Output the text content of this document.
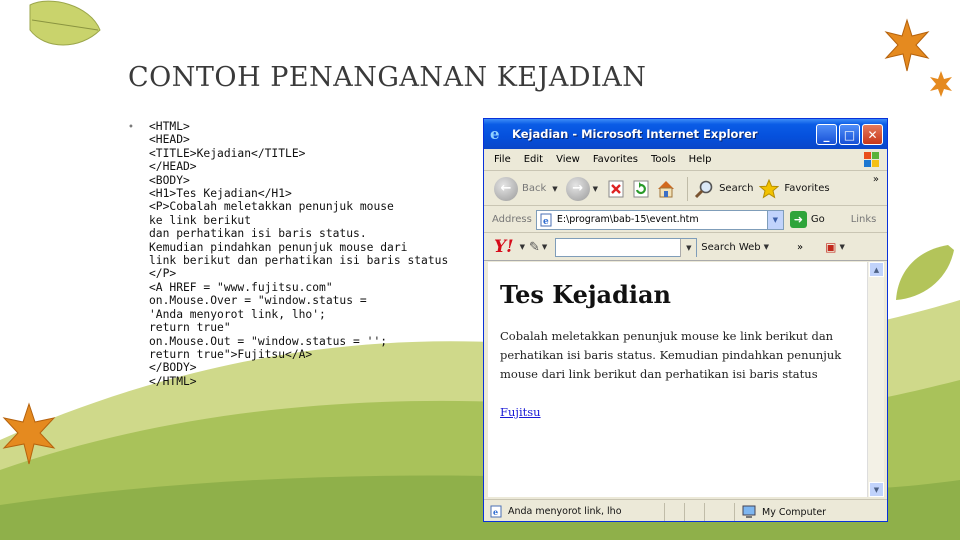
CONTOH PENANGANAN KEJADIAN
• <HTML>
<HEAD>
<TITLE>Kejadian</TITLE>
</HEAD>
<BODY>
<H1>Tes Kejadian</H1>
<P>Cobalah meletakkan penunjuk mouse
ke link berikut
dan perhatikan isi baris status.
Kemudian pindahkan penunjuk mouse dari
link berikut dan perhatikan isi baris status
</P>
<A HREF = "www.fujitsu.com"
on.Mouse.Over = "window.status =
'Anda menyorot link, lho';
return true"
on.Mouse.Out = "window.status = '';
return true">Fujitsu</A>
</BODY>
</HTML>
e	Kejadian - Microsoft Internet Explorer	_	□	✕
File Edit View Favorites Tools Help
←	Back ▼	→	▼	Search	Favorites
»
Address e E:\program\bab-15\event.htm	▼	➜ Go	Links
Y! ▼ ✎ ▼	▼ Search Web ▼	» ▣ ▼
Tes Kejadian
Cobalah meletakkan penunjuk mouse ke link berikut dan perhatikan isi baris status. Kemudian pindahkan penunjuk mouse dari link berikut dan perhatikan isi baris status
Fujitsu
▲
▼
e Anda menyorot link, lho	My Computer
